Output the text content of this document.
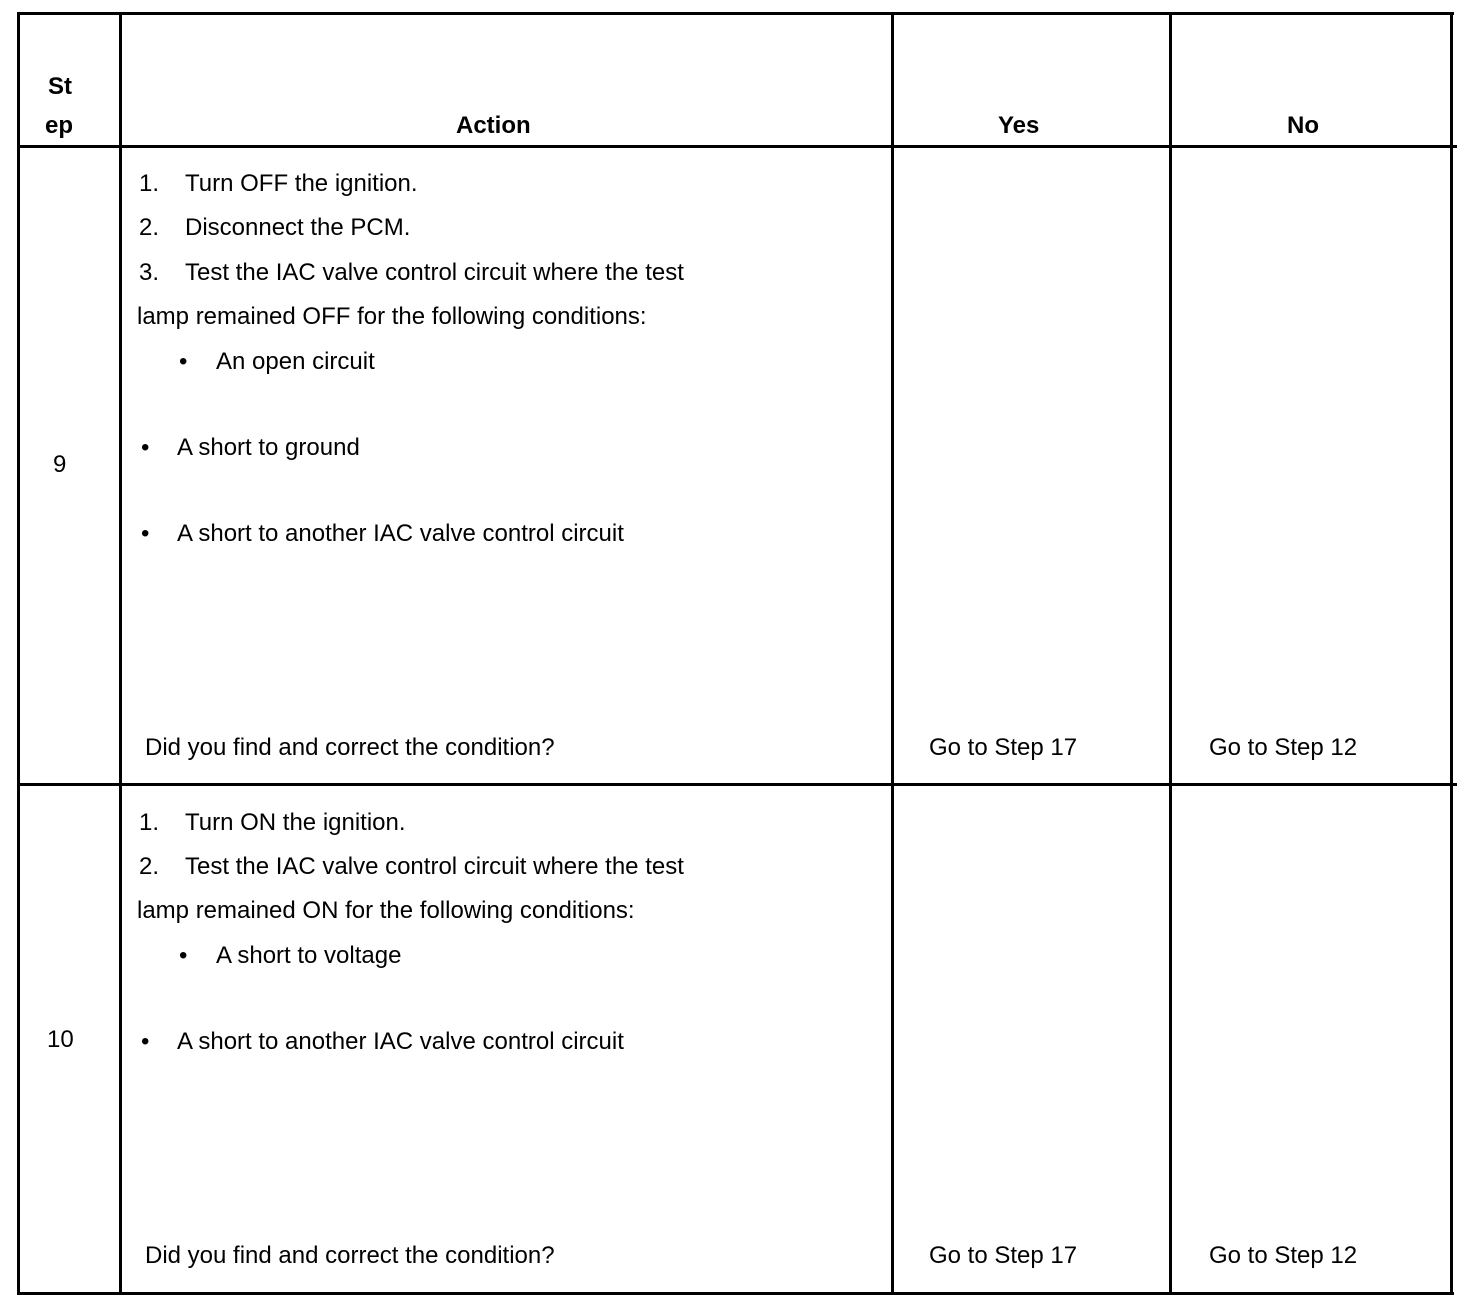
St
ep	Action	Yes	No
9
1. Turn OFF the ignition.
2. Disconnect the PCM.
3. Test the IAC valve control circuit where the test
lamp remained OFF for the following conditions:
• An open circuit
• A short to ground
• A short to another IAC valve control circuit
Did you find and correct the condition?	Go to Step 17	Go to Step 12
10
1. Turn ON the ignition.
2. Test the IAC valve control circuit where the test
lamp remained ON for the following conditions:
• A short to voltage
• A short to another IAC valve control circuit
Did you find and correct the condition?	Go to Step 17	Go to Step 12
